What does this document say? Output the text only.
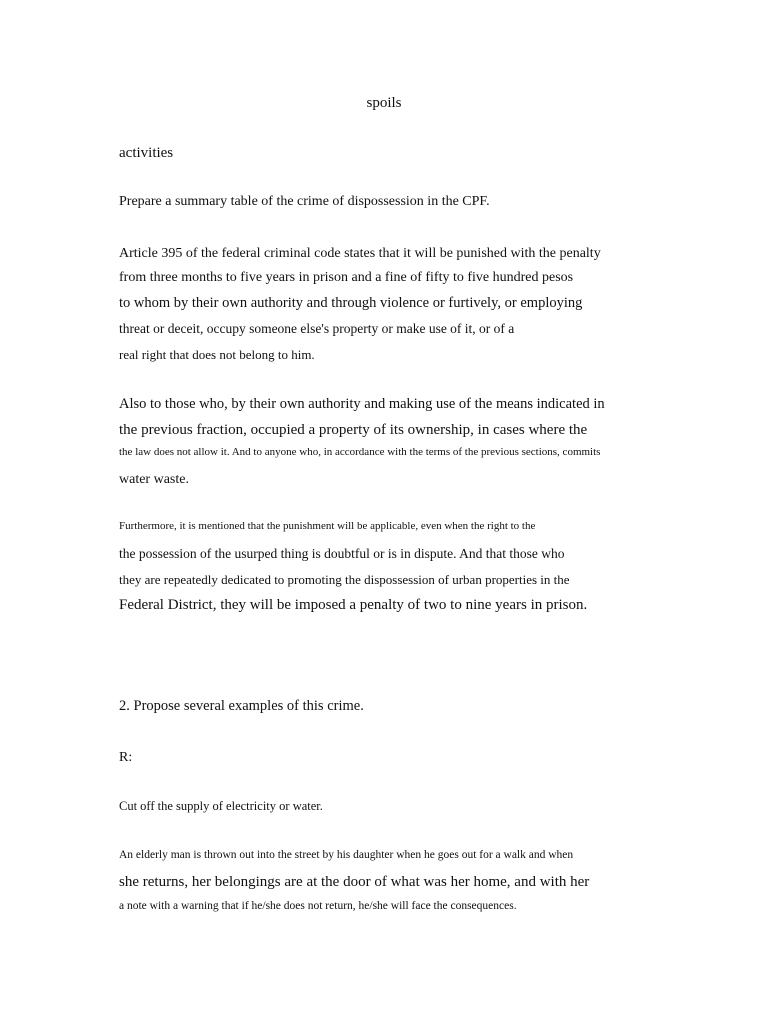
spoils
activities
Prepare a summary table of the crime of dispossession in the CPF.
Article 395 of the federal criminal code states that it will be punished with the penalty
from three months to five years in prison and a fine of fifty to five hundred pesos
to whom by their own authority and through violence or furtively, or employing
threat or deceit, occupy someone else's property or make use of it, or of a
real right that does not belong to him.
Also to those who, by their own authority and making use of the means indicated in
the previous fraction, occupied a property of its ownership, in cases where the
the law does not allow it. And to anyone who, in accordance with the terms of the previous sections, commits
water waste.
Furthermore, it is mentioned that the punishment will be applicable, even when the right to the
the possession of the usurped thing is doubtful or is in dispute. And that those who
they are repeatedly dedicated to promoting the dispossession of urban properties in the
Federal District, they will be imposed a penalty of two to nine years in prison.
2. Propose several examples of this crime.
R:
Cut off the supply of electricity or water.
An elderly man is thrown out into the street by his daughter when he goes out for a walk and when
she returns, her belongings are at the door of what was her home, and with her
a note with a warning that if he/she does not return, he/she will face the consequences.
